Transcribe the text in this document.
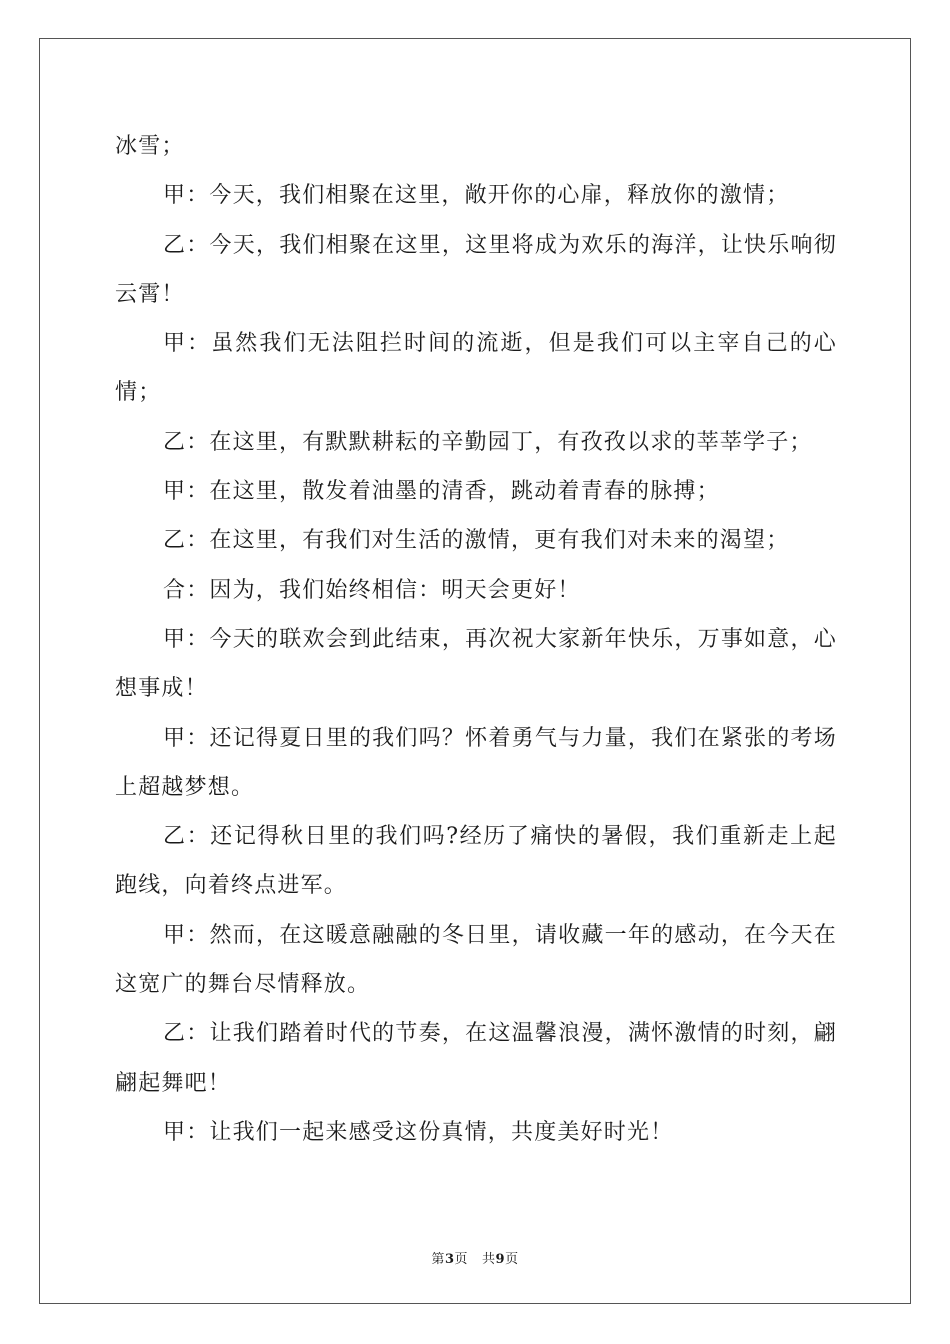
冰雪；

甲：今天，我们相聚在这里，敞开你的心扉，释放你的激情；

乙：今天，我们相聚在这里，这里将成为欢乐的海洋，让快乐响彻云霄！

甲：虽然我们无法阻拦时间的流逝，但是我们可以主宰自己的心情；

乙：在这里，有默默耕耘的辛勤园丁，有孜孜以求的莘莘学子；

甲：在这里，散发着油墨的清香，跳动着青春的脉搏；

乙：在这里，有我们对生活的激情，更有我们对未来的渴望；

合：因为，我们始终相信：明天会更好！

甲：今天的联欢会到此结束，再次祝大家新年快乐，万事如意，心想事成！

甲：还记得夏日里的我们吗？怀着勇气与力量，我们在紧张的考场上超越梦想。

乙：还记得秋日里的我们吗?经历了痛快的暑假，我们重新走上起跑线，向着终点进军。

甲：然而，在这暖意融融的冬日里，请收藏一年的感动，在今天在这宽广的舞台尽情释放。

乙：让我们踏着时代的节奏，在这温馨浪漫，满怀激情的时刻，翩翩起舞吧！

甲：让我们一起来感受这份真情，共度美好时光！

第3页 共9页
